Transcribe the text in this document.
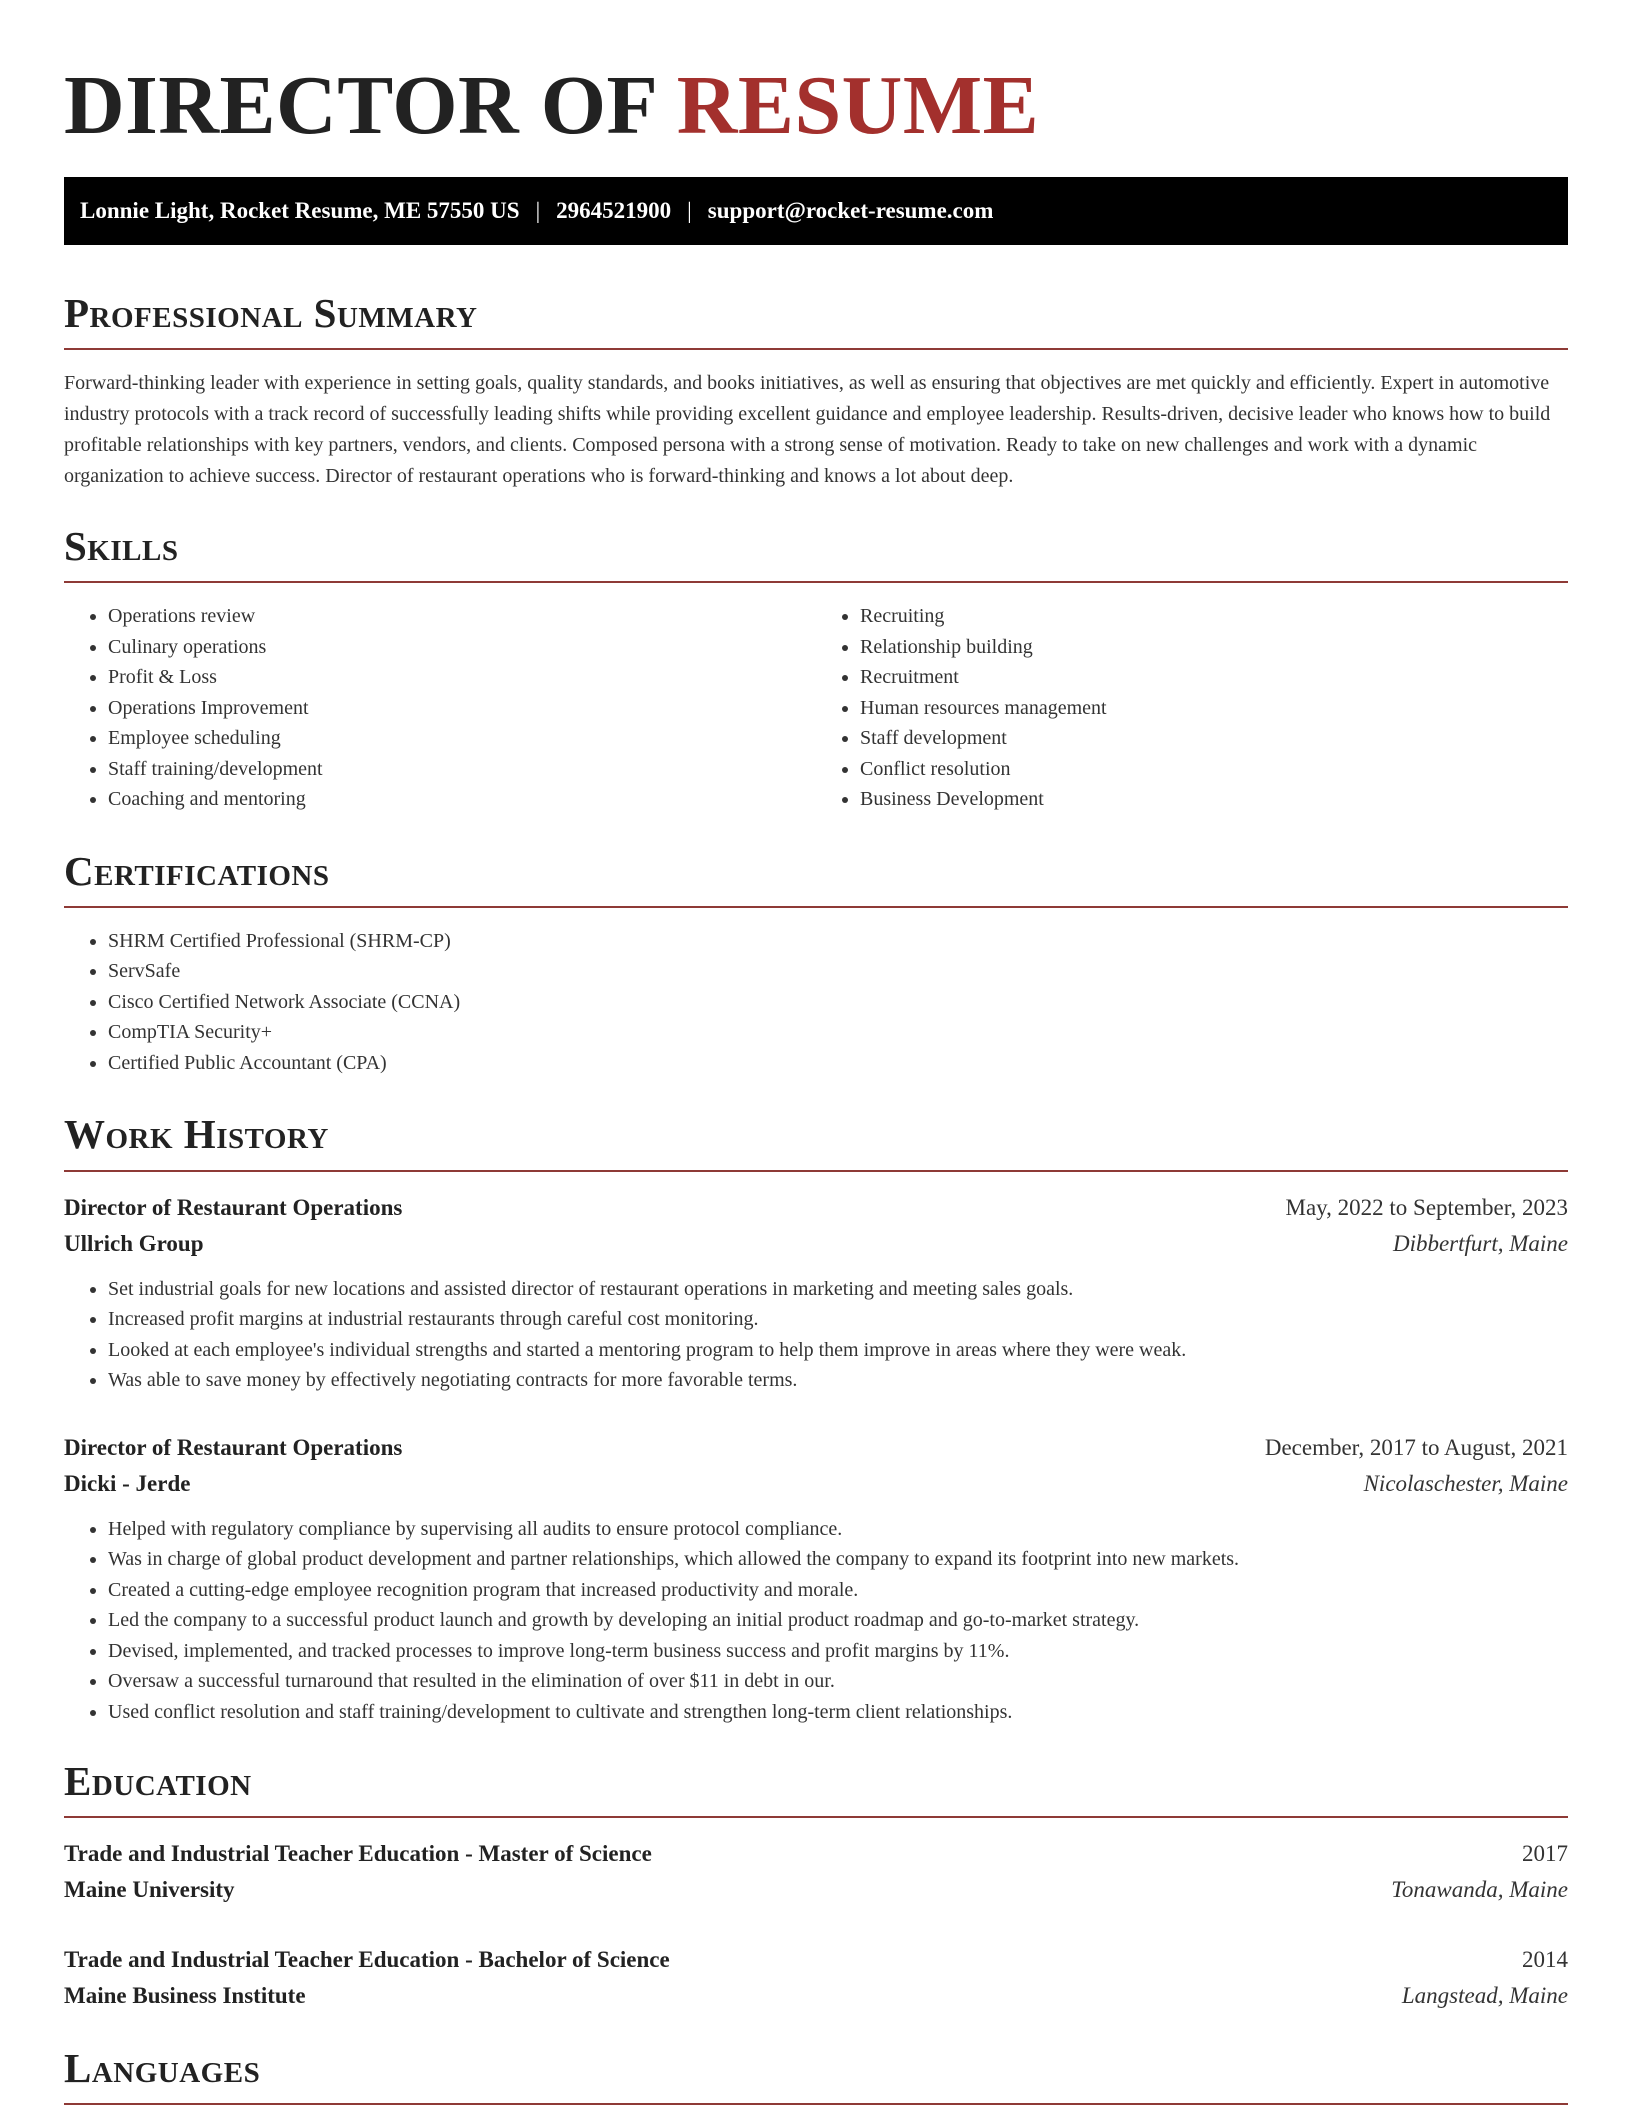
DIRECTOR OF RESUME
Lonnie Light, Rocket Resume, ME 57550 US | 2964521900 | support@rocket-resume.com
Professional Summary

Forward-thinking leader with experience in setting goals, quality standards, and books initiatives, as well as ensuring that objectives are met quickly and efficiently. Expert in automotive industry protocols with a track record of successfully leading shifts while providing excellent guidance and employee leadership. Results-driven, decisive leader who knows how to build profitable relationships with key partners, vendors, and clients. Composed persona with a strong sense of motivation. Ready to take on new challenges and work with a dynamic organization to achieve success. Director of restaurant operations who is forward-thinking and knows a lot about deep.

Skills
• Operations review
• Culinary operations
• Profit & Loss
• Operations Improvement
• Employee scheduling
• Staff training/development
• Coaching and mentoring
• Recruiting
• Relationship building
• Recruitment
• Human resources management
• Staff development
• Conflict resolution
• Business Development
Certifications
• SHRM Certified Professional (SHRM-CP)
• ServSafe
• Cisco Certified Network Associate (CCNA)
• CompTIA Security+
• Certified Public Accountant (CPA)
Work History
Director of Restaurant Operations	May, 2022 to September, 2023
Ullrich Group	Dibbertfurt, Maine
• Set industrial goals for new locations and assisted director of restaurant operations in marketing and meeting sales goals.
• Increased profit margins at industrial restaurants through careful cost monitoring.
• Looked at each employee's individual strengths and started a mentoring program to help them improve in areas where they were weak.
• Was able to save money by effectively negotiating contracts for more favorable terms.
Director of Restaurant Operations	December, 2017 to August, 2021
Dicki - Jerde	Nicolaschester, Maine
• Helped with regulatory compliance by supervising all audits to ensure protocol compliance.
• Was in charge of global product development and partner relationships, which allowed the company to expand its footprint into new markets.
• Created a cutting-edge employee recognition program that increased productivity and morale.
• Led the company to a successful product launch and growth by developing an initial product roadmap and go-to-market strategy.
• Devised, implemented, and tracked processes to improve long-term business success and profit margins by 11%.
• Oversaw a successful turnaround that resulted in the elimination of over $11 in debt in our.
• Used conflict resolution and staff training/development to cultivate and strengthen long-term client relationships.
Education
Trade and Industrial Teacher Education - Master of Science	2017
Maine University	Tonawanda, Maine
Trade and Industrial Teacher Education - Bachelor of Science	2014
Maine Business Institute	Langstead, Maine
Languages
